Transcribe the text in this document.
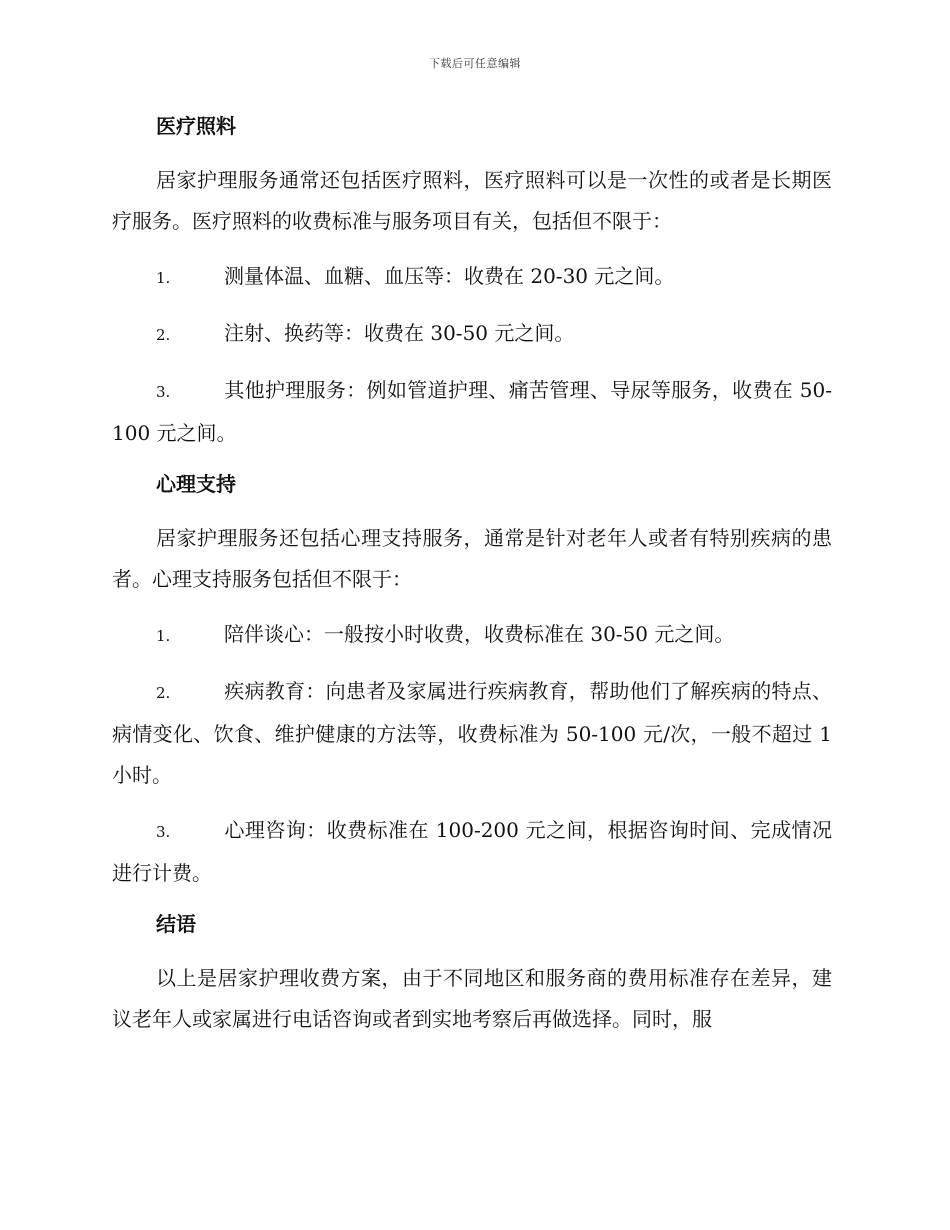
下载后可任意编辑
医疗照料

居家护理服务通常还包括医疗照料，医疗照料可以是一次性的或者是长期医疗服务。医疗照料的收费标准与服务项目有关，包括但不限于：

1.	测量体温、血糖、血压等：收费在 20-30 元之间。

2.	注射、换药等：收费在 30-50 元之间。

3.	其他护理服务：例如管道护理、痛苦管理、导尿等服务，收费在 50-100 元之间。

心理支持

居家护理服务还包括心理支持服务，通常是针对老年人或者有特别疾病的患者。心理支持服务包括但不限于：

1.	陪伴谈心：一般按小时收费，收费标准在 30-50 元之间。

2.	疾病教育：向患者及家属进行疾病教育，帮助他们了解疾病的特点、病情变化、饮食、维护健康的方法等，收费标准为 50-100 元/次，一般不超过 1 小时。

3.	心理咨询：收费标准在 100-200 元之间，根据咨询时间、完成情况进行计费。

结语

以上是居家护理收费方案，由于不同地区和服务商的费用标准存在差异，建议老年人或家属进行电话咨询或者到实地考察后再做选择。同时，服
